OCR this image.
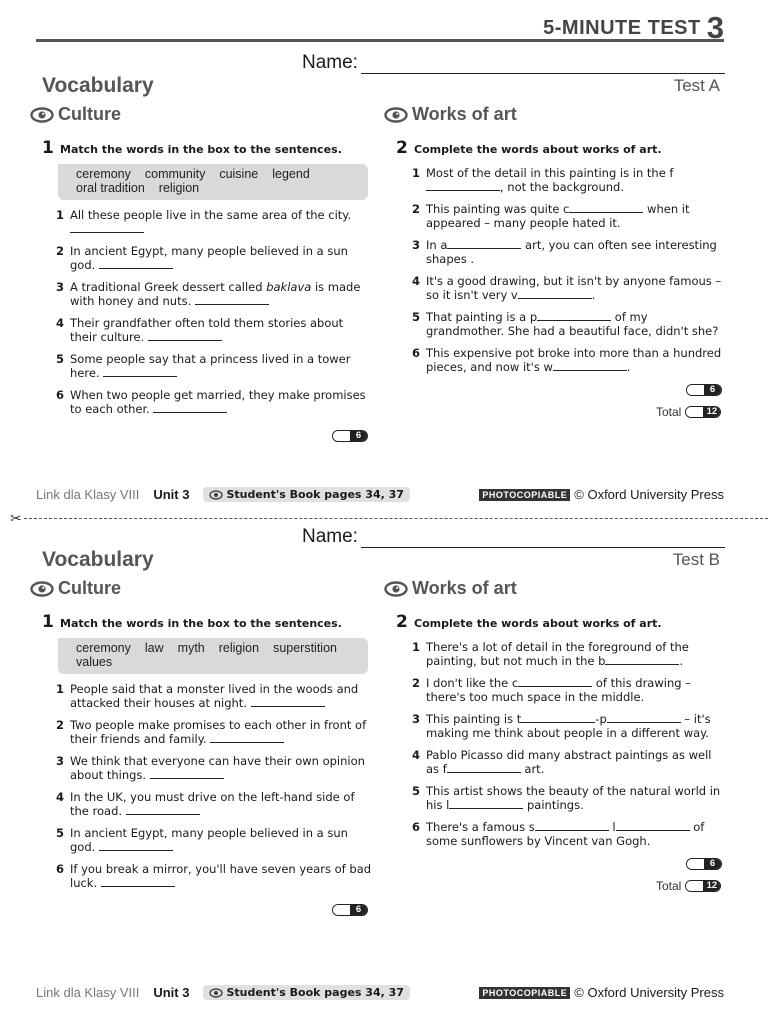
5-MINUTE TEST 3
Name:
Vocabulary	Test A
Culture	Works of art
1 Match the words in the box to the sentences.
ceremony community cuisine legendoral tradition religion
1 All these people live in the same area of the city.
2 In ancient Egypt, many people believed in a sun god.
3 A traditional Greek dessert called baklava is made with honey and nuts.
4 Their grandfather often told them stories about their culture.
5 Some people say that a princess lived in a tower here.
6 When two people get married, they make promises to each other.
2 Complete the words about works of art.
1 Most of the detail in this painting is in the f, not the background.
2 This painting was quite c	when it appeared – many people hated it.
3 In a	art, you can often see interesting shapes .
4 It's a good drawing, but it isn't by anyone famous – so it isn't very v	.
5 That painting is a p	of my grandmother. She had a beautiful face, didn't she?
6 This expensive pot broke into more than a hundred pieces, and now it's w	.
6
6
Total	12
✂
Name:
Vocabulary	Test B
Culture	Works of art
1 Match the words in the box to the sentences.
ceremony law myth religion superstitionvalues
1 People said that a monster lived in the woods and attacked their houses at night.
2 Two people make promises to each other in front of their friends and family.
3 We think that everyone can have their own opinion about things.
4 In the UK, you must drive on the left-hand side of the road.
5 In ancient Egypt, many people believed in a sun god.
6 If you break a mirror, you'll have seven years of bad luck.
2 Complete the words about works of art.
1 There's a lot of detail in the foreground of the painting, but not much in the b	.
2 I don't like the c	of this drawing – there's too much space in the middle.
3 This painting is t	-p	– it's making me think about people in a different way.
4 Pablo Picasso did many abstract paintings as well as f	art.
5 This artist shows the beauty of the natural world in his l	paintings.
6 There's a famous s	l	of some sunflowers by Vincent van Gogh.
6
6
Total	12
Link dla Klasy VIII Unit 3	Student's Book pages 34, 37	PHOTOCOPIABLE © Oxford University Press
Link dla Klasy VIII Unit 3	Student's Book pages 34, 37	PHOTOCOPIABLE © Oxford University Press
